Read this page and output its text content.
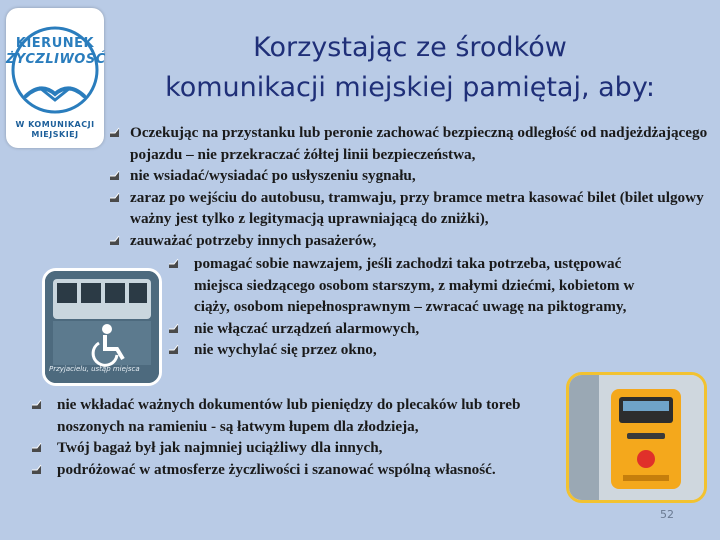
KIERUNEK
ŻYCZLIWOŚĆ
W KOMUNIKACJI
MIEJSKIEJ
Korzystając ze środków
komunikacji miejskiej pamiętaj, aby:
Oczekując na przystanku lub peronie zachować bezpieczną odległość od nadjeżdżającego pojazdu – nie przekraczać żółtej linii bezpieczeństwa,
nie wsiadać/wysiadać po usłyszeniu sygnału,
zaraz po wejściu do autobusu, tramwaju, przy bramce metra kasować bilet (bilet ulgowy ważny jest tylko z legitymacją uprawniającą do zniżki),
zauważać potrzeby innych pasażerów,
pomagać sobie nawzajem, jeśli zachodzi taka potrzeba, ustępować miejsca siedzącego osobom starszym, z małymi dziećmi, kobietom w ciąży, osobom niepełnosprawnym – zwracać uwagę na piktogramy,
nie włączać urządzeń alarmowych,
nie wychylać się przez okno,
Przyjacielu, ustąp miejsca
nie wkładać ważnych dokumentów lub pieniędzy do plecaków lub toreb noszonych na ramieniu - są łatwym łupem dla złodzieja,
Twój bagaż był jak najmniej uciążliwy dla innych,
podróżować w atmosferze życzliwości i szanować wspólną własność.
52
